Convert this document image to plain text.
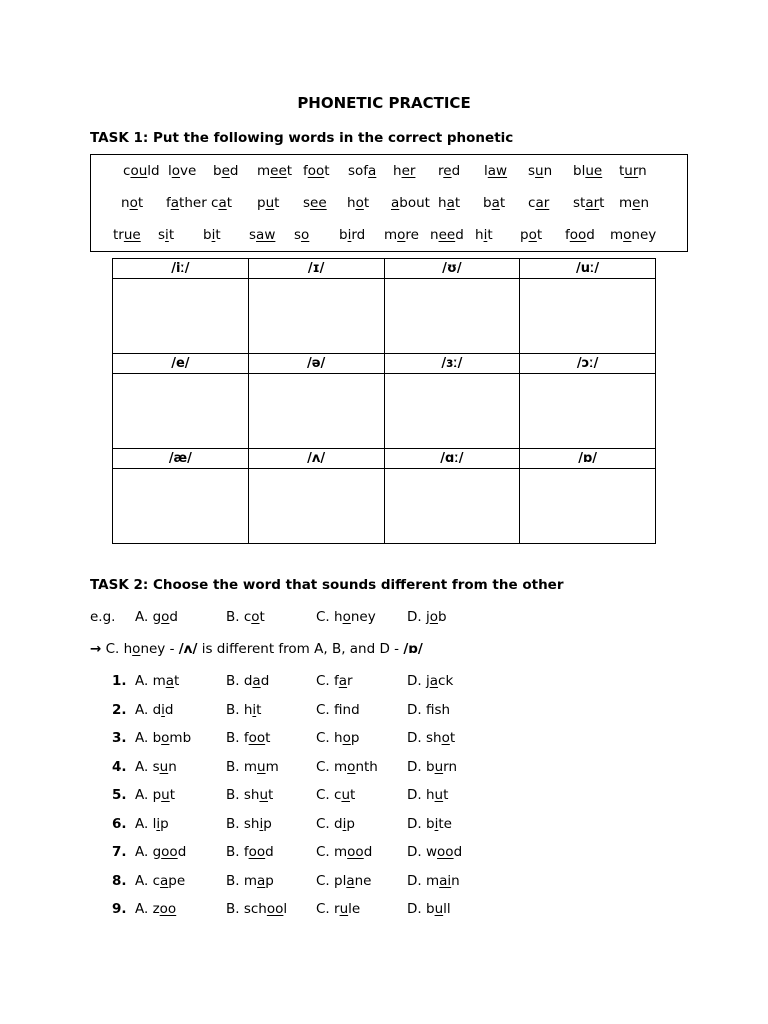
PHONETIC PRACTICE
TASK 1: Put the following words in the correct phonetic
could love bed meet foot sofa her red law sun blue turn
not father cat put see hot about hat bat car start men
true sit bit saw so bird more need hit pot food money
/iː/	/ɪ/	/ʊ/	/uː/

/e/	/ə/	/ɜː/	/ɔː/

/æ/	/ʌ/	/ɑː/	/ɒ/

TASK 2: Choose the word that sounds different from the other
e.g. A. god	B. cot	C. honey D. job
→ C. honey - /ʌ/ is different from A, B, and D - /ɒ/
1. A. mat	B. dad	C. far	D. jack
2. A. did	B. hit	C. fnd	D. fsh
3. A. bomb	B. foot	C. hop	D. shot
4. A. sun	B. mum	C. month D. burn
5. A. put	B. shut	C. cut	D. hut
6. A. lip	B. ship	C. dip	D. bite
7. A. good	B. food	C. mood	D. wood
8. A. cape	B. map	C. plane	D. main
9. A. zoo	B. school C. rule	D. bull
